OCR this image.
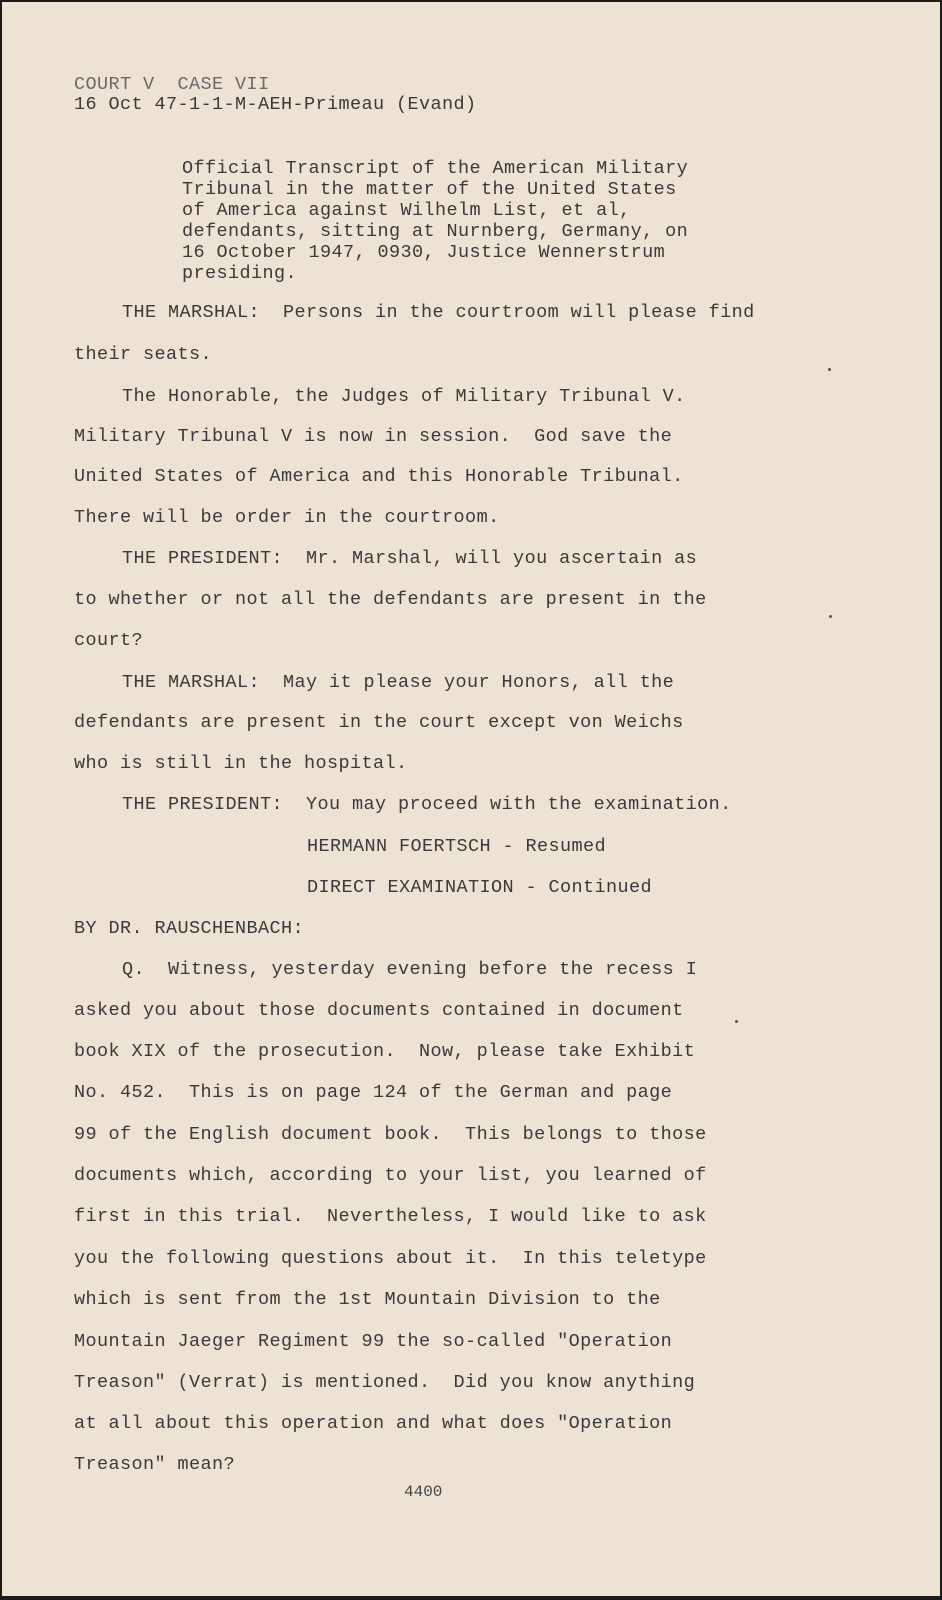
COURT V  CASE VII
16 Oct 47-1-1-M-AEH-Primeau (Evand)
Official Transcript of the American Military
Tribunal in the matter of the United States
of America against Wilhelm List, et al,
defendants, sitting at Nurnberg, Germany, on
16 October 1947, 0930, Justice Wennerstrum
presiding.
THE MARSHAL:  Persons in the courtroom will please find
their seats.
The Honorable, the Judges of Military Tribunal V.
Military Tribunal V is now in session.  God save the
United States of America and this Honorable Tribunal.
There will be order in the courtroom.
THE PRESIDENT:  Mr. Marshal, will you ascertain as
to whether or not all the defendants are present in the
court?
THE MARSHAL:  May it please your Honors, all the
defendants are present in the court except von Weichs
who is still in the hospital.
THE PRESIDENT:  You may proceed with the examination.
HERMANN FOERTSCH - Resumed
DIRECT EXAMINATION - Continued
BY DR. RAUSCHENBACH:
Q.  Witness, yesterday evening before the recess I
asked you about those documents contained in document
book XIX of the prosecution.  Now, please take Exhibit
No. 452.  This is on page 124 of the German and page
99 of the English document book.  This belongs to those
documents which, according to your list, you learned of
first in this trial.  Nevertheless, I would like to ask
you the following questions about it.  In this teletype
which is sent from the 1st Mountain Division to the
Mountain Jaeger Regiment 99 the so-called "Operation
Treason" (Verrat) is mentioned.  Did you know anything
at all about this operation and what does "Operation
Treason" mean?
4400
